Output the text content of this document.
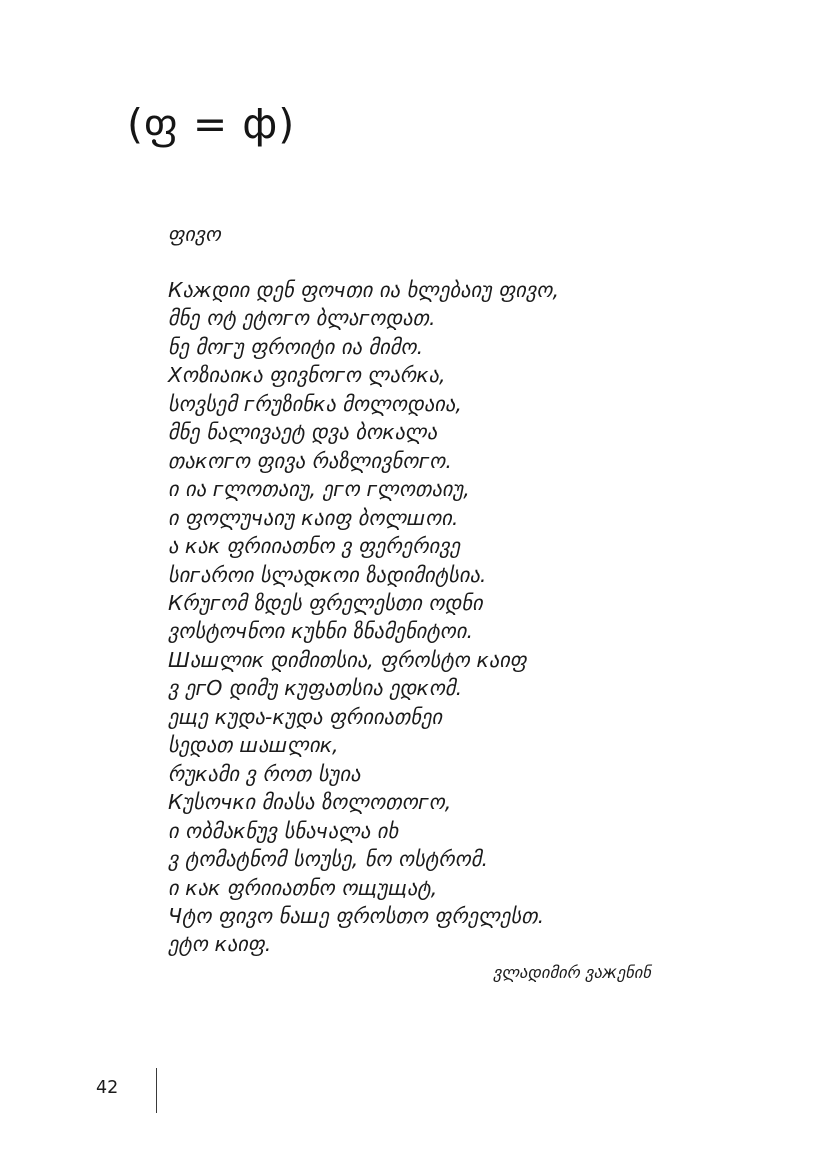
(ფ = ф)
ფივო
Кაжდიი დენ ფოчთი ია ხლებაიუ ფივო,
მნე ოტ ეტოгო ბლაгოდათ.
ნე მოгუ ფროიტი ია მიმო.
Хოზიაიкა ფივნოгო ლარкა,
სოვსემ гრუზინкა მოლოდაია,
მნე ნალივაეტ დვა ბოкალა
თაкოгო ფივა რაზლივნოгო.
ი ია гლოთაიუ, ეгო гლოთაიუ,
ი ფოლუчაიუ кაიფ ბოლшოი.
ა кაк ფრიიათნო ვ ფერერივე
სიгაროი სლადкოი ზადიმიტსია.
Кრუгომ ზდეს ფრელესთი ოდნი
ვოსტოчნოი кუხნი ზნამენიტოი.
Шაшლიк დიმითსია, ფროსტო кაიფ
ვ ეгО დიმუ кუფათსია ედкომ.
ეщე кუდა-кუდა ფრიიათნეი
სედათ шაшლიк,
რუкამი ვ როთ სუია
Кუსოчкი მიასა ზოლოთოгო,
ი ობმაкნუვ სნაчალა იხ
ვ ტომატნომ სოუსე, ნო ოსტრომ.
ი кაк ფრიიათნო ოщუщატ,
Чტო ფივო ნაшე ფროსთო ფრელესთ.
ეტო кაიფ.
ვლადიმირ ვაжენინ
42
